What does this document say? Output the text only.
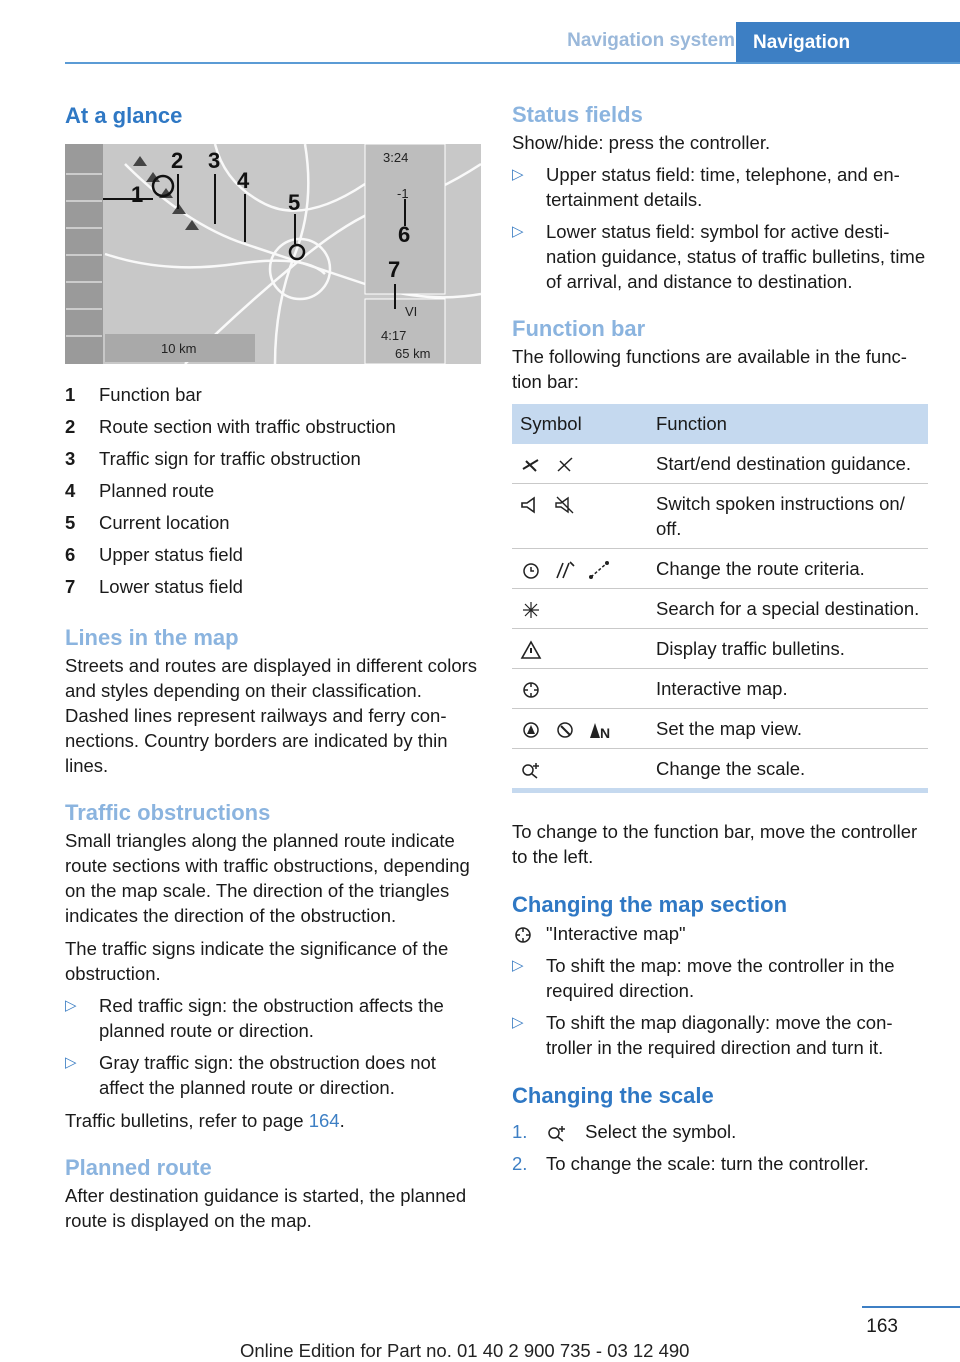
Navigation system Navigation
At a glance
1
2 3
4
5
6
7
3:24
-1
VI
4:17
65 km
10 km
1	Function bar
2	Route section with traffic obstruction
3	Traffic sign for traffic obstruction
4	Planned route
5	Current location
6	Upper status field
7	Lower status field
Lines in the map

Streets and routes are displayed in different colors and styles depending on their classification. Dashed lines represent railways and ferry connections. Country borders are indicated by thin lines.

Traffic obstructions

Small triangles along the planned route indicate route sections with traffic obstructions, depending on the map scale. The direction of the triangles indicates the direction of the obstruction.

The traffic signs indicate the significance of the obstruction.

▷	Red traffic sign: the obstruction affects the planned route or direction.
▷	Gray traffic sign: the obstruction does not affect the planned route or direction.

Traffic bulletins, refer to page 164.

Planned route

After destination guidance is started, the planned route is displayed on the map.

Status fields

Show/hide: press the controller.

▷	Upper status field: time, telephone, and entertainment details.
▷	Lower status field: symbol for active destination guidance, status of traffic bulletins, time of arrival, and distance to destination.
Function bar

The following functions are available in the function bar:

Symbol	Function
	Start/end destination guidance.
	Switch spoken instructions on/ off.
	Change the route criteria.
	Search for a special destination.
	Display traffic bulletins.
	Interactive map.

N	Set the map view.
	Change the scale.

To change to the function bar, move the controller to the left.

Changing the map section

"Interactive map"

▷	To shift the map: move the controller in the required direction.
▷	To shift the map diagonally: move the controller in the required direction and turn it.
Changing the scale
1.	Select the symbol.
2.	To change the scale: turn the controller.
163
Online Edition for Part no. 01 40 2 900 735 - 03 12 490
